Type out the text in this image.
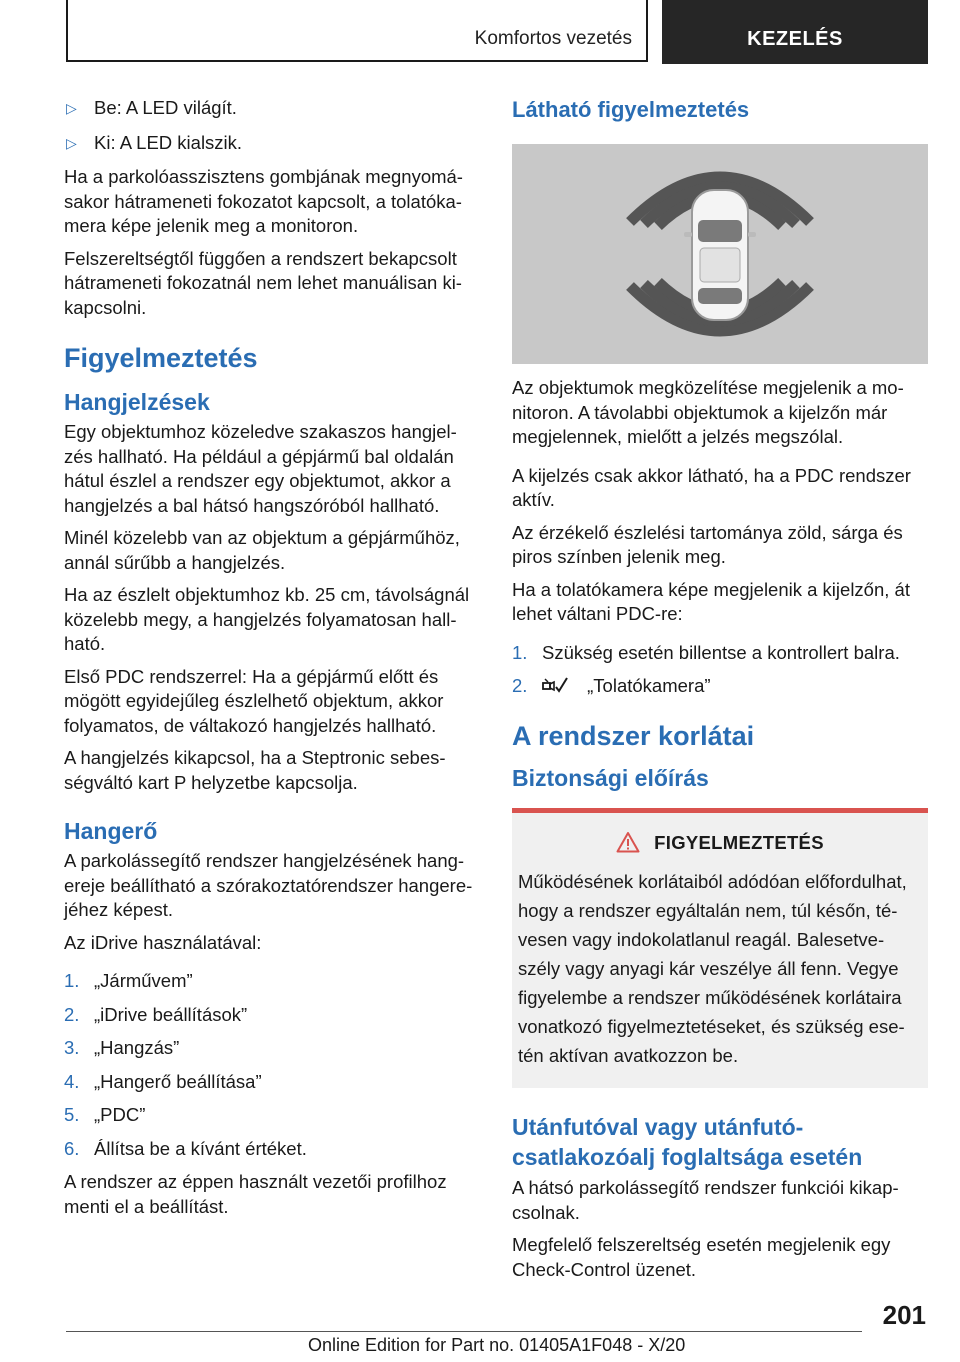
Komfortos vezetés	KEZELÉS
▷ Be: A LED világít.
▷ Ki: A LED kialszik.

Ha a parkolóasszisztens gombjának megnyomá-sakor hátrameneti fokozatot kapcsolt, a tolatóka-mera képe jelenik meg a monitoron.

Felszereltségtől függően a rendszert bekapcsolt hátrameneti fokozatnál nem lehet manuálisan ki-kapcsolni.

Figyelmeztetés
Hangjelzések

Egy objektumhoz közeledve szakaszos hangjel-zés hallható. Ha például a gépjármű bal oldalán hátul észlel a rendszer egy objektumot, akkor a hangjelzés a bal hátsó hangszóróból hallható.

Minél közelebb van az objektum a gépjárműhöz, annál sűrűbb a hangjelzés.

Ha az észlelt objektumhoz kb. 25 cm, távolságnál közelebb megy, a hangjelzés folyamatosan hall-ható.

Első PDC rendszerrel: Ha a gépjármű előtt és mögött egyidejűleg észlelhető objektum, akkor folyamatos, de váltakozó hangjelzés hallható.

A hangjelzés kikapcsol, ha a Steptronic sebes-ségváltó kart P helyzetbe kapcsolja.

Hangerő

A parkolássegítő rendszer hangjelzésének hang-ereje beállítható a szórakoztatórendszer hangere-jéhez képest.

Az iDrive használatával:

1. „Járművem”
2. „iDrive beállítások”
3. „Hangzás”
4. „Hangerő beállítása”
5. „PDC”
6. Állítsa be a kívánt értéket.

A rendszer az éppen használt vezetői profilhoz menti el a beállítást.

Látható figyelmeztetés

Az objektumok megközelítése megjelenik a mo-nitoron. A távolabbi objektumok a kijelzőn már megjelennek, mielőtt a jelzés megszólal.

A kijelzés csak akkor látható, ha a PDC rendszer aktív.

Az érzékelő észlelési tartománya zöld, sárga és piros színben jelenik meg.

Ha a tolatókamera képe megjelenik a kijelzőn, át lehet váltani PDC-re:

1. Szükség esetén billentse a kontrollert balra.
2.	„Tolatókamera”
A rendszer korlátai
Biztonsági előírás
FIGYELMEZTETÉS
Működésének korlátaiból adódóan előfordulhat, hogy a rendszer egyáltalán nem, túl későn, té-vesen vagy indokolatlanul reagál. Balesetve-szély vagy anyagi kár veszélye áll fenn. Vegye figyelembe a rendszer működésének korlátaira vonatkozó figyelmeztetéseket, és szükség ese-tén aktívan avatkozzon be.
Utánfutóval vagy utánfutó-csatlakozóalj foglaltsága esetén

A hátsó parkolássegítő rendszer funkciói kikap-csolnak.

Megfelelő felszereltség esetén megjelenik egy Check-Control üzenet.

201
Online Edition for Part no. 01405A1F048 - X/20
